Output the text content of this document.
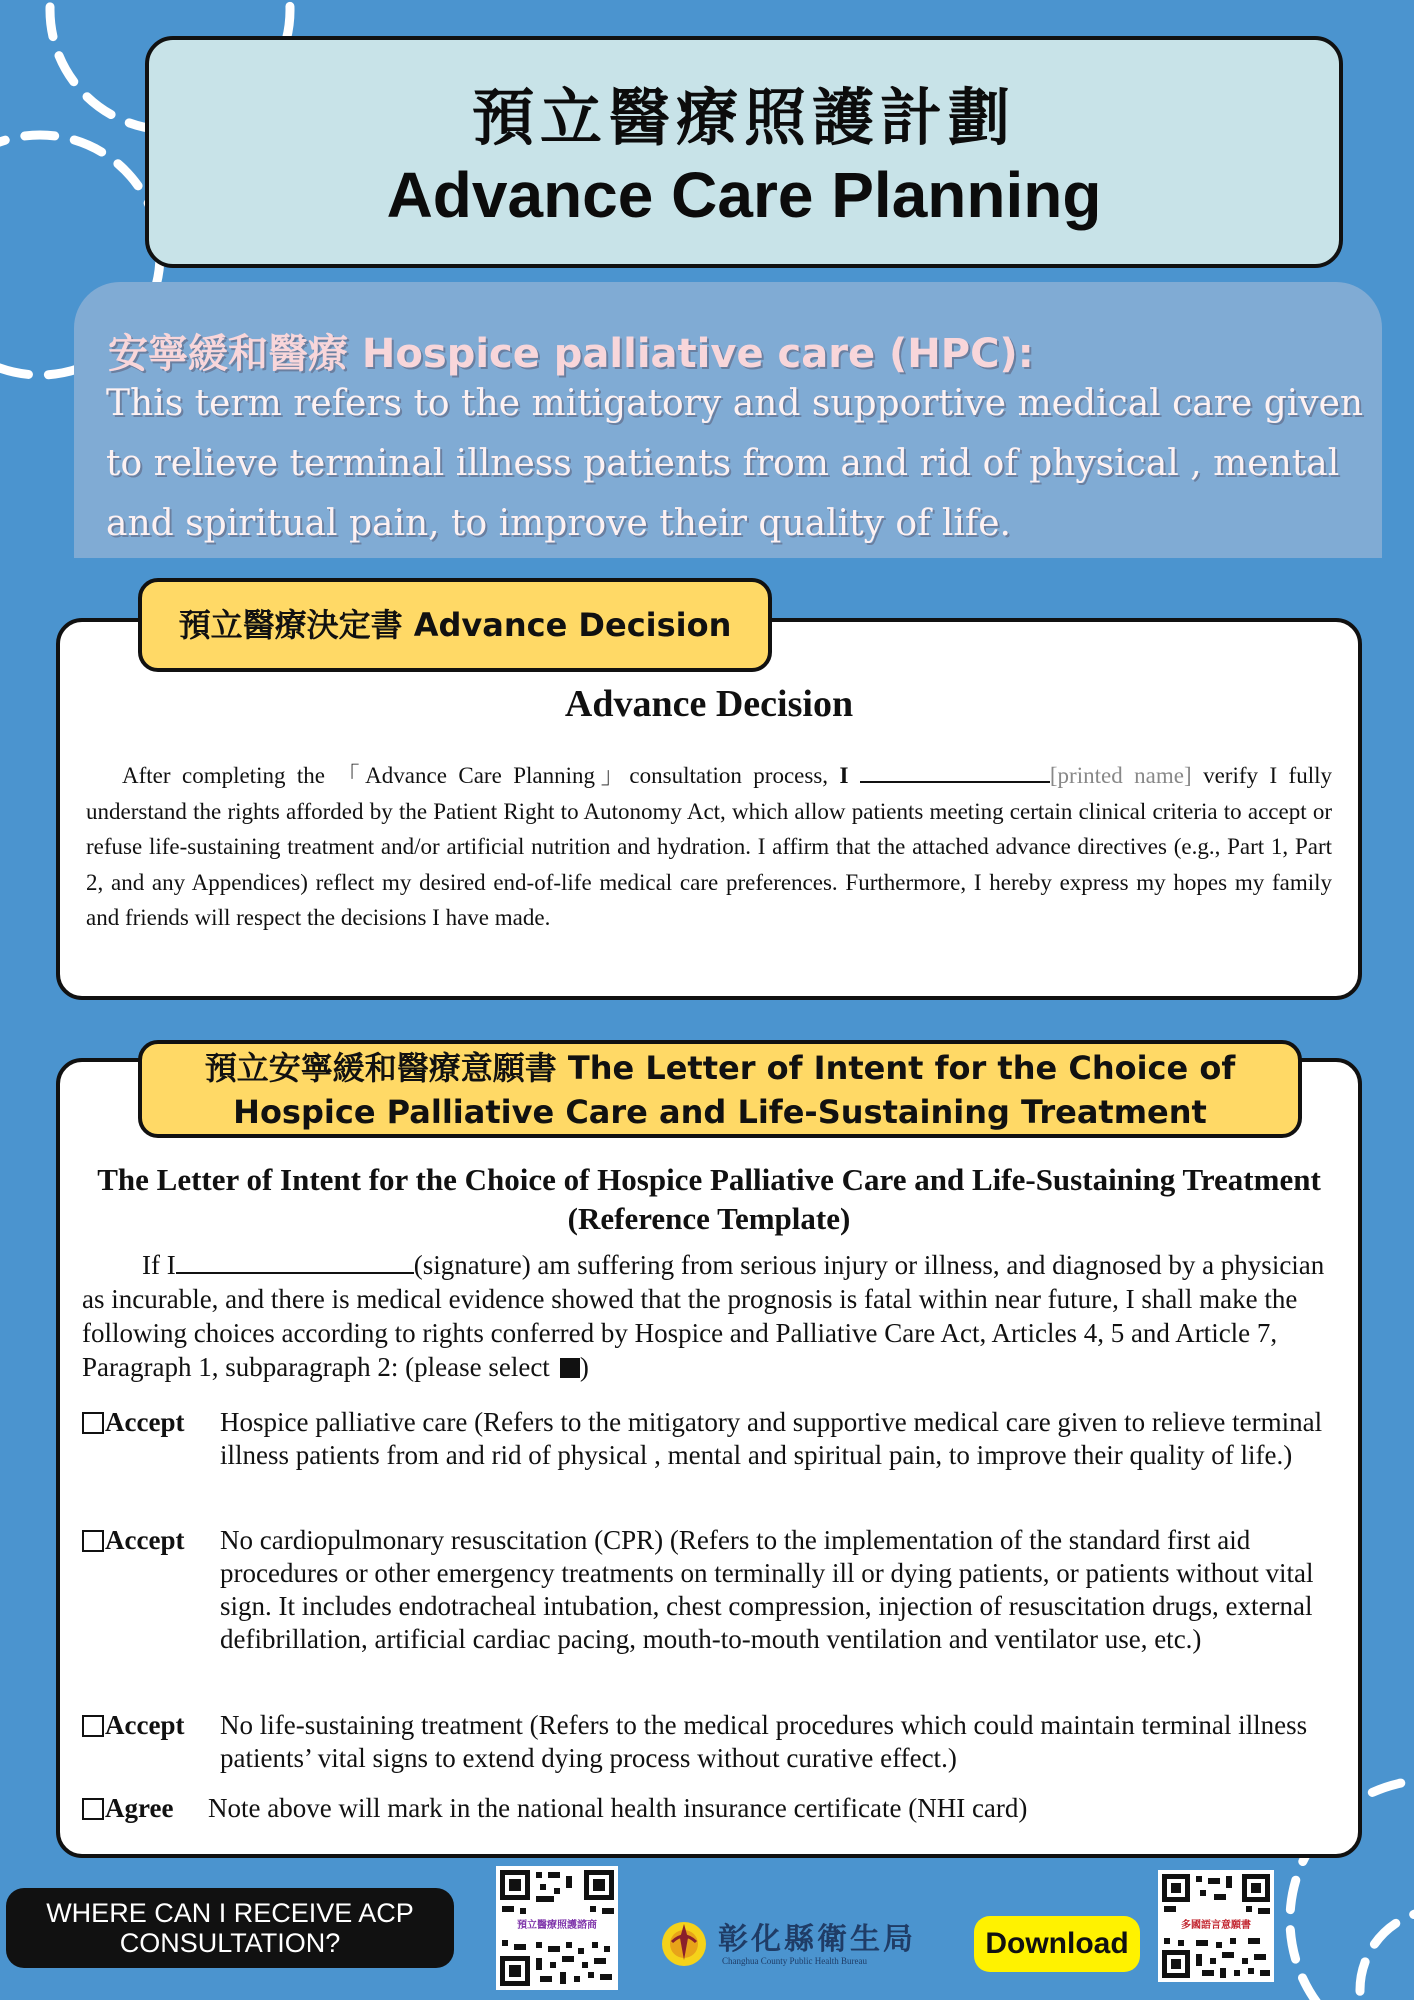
預立醫療照護計劃
Advance Care Planning
安寧緩和醫療 Hospice palliative care (HPC):
This term refers to the mitigatory and supportive medical care given to relieve terminal illness patients from and rid of physical , mental and spiritual pain, to improve their quality of life.
Advance Decision
After completing the 「Advance Care Planning」consultation process, I	[printed name] verify I fully understand the rights afforded by the Patient Right to Autonomy Act, which allow patients meeting certain clinical criteria to accept or refuse life-sustaining treatment and/or artificial nutrition and hydration. I affirm that the attached advance directives (e.g., Part 1, Part 2, and any Appendices) reflect my desired end-of-life medical care preferences. Furthermore, I hereby express my hopes my family and friends will respect the decisions I have made.
預立醫療決定書 Advance Decision
The Letter of Intent for the Choice of Hospice Palliative Care and Life-Sustaining Treatment (Reference Template)
If I	(signature) am suffering from serious injury or illness, and diagnosed by a physician as incurable, and there is medical evidence showed that the prognosis is fatal within near future, I shall make the following choices according to rights conferred by Hospice and Palliative Care Act, Articles 4, 5 and Article 7, Paragraph 1, subparagraph 2: (please select )
Accept Hospice palliative care (Refers to the mitigatory and supportive medical care given to relieve terminal illness patients from and rid of physical , mental and spiritual pain, to improve their quality of life.)
Accept No cardiopulmonary resuscitation (CPR) (Refers to the implementation of the standard first aid procedures or other emergency treatments on terminally ill or dying patients, or patients without vital sign. It includes endotracheal intubation, chest compression, injection of resuscitation drugs, external defibrillation, artificial cardiac pacing, mouth-to-mouth ventilation and ventilator use, etc.)
Accept No life-sustaining treatment (Refers to the medical procedures which could maintain terminal illness patients’ vital signs to extend dying process without curative effect.)
Agree Note above will mark in the national health insurance certificate (NHI card)
預立安寧緩和醫療意願書 The Letter of Intent for the Choice of
Hospice Palliative Care and Life-Sustaining Treatment
WHERE CAN I RECEIVE ACP
CONSULTATION?
預立醫療照護諮商	彰化縣衛生局
Changhua County Public Health Bureau
Download
多國語言意願書
